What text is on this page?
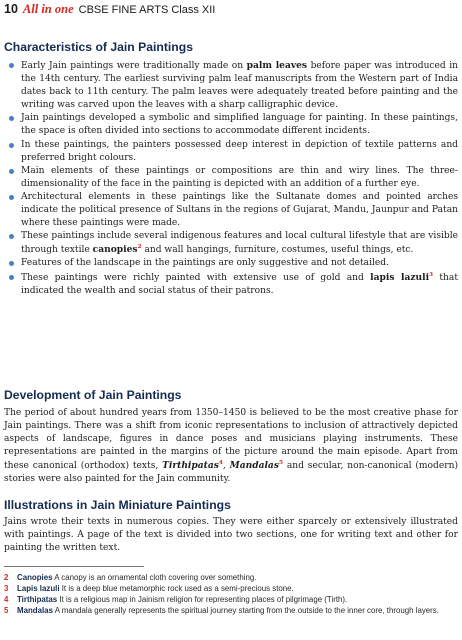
10 All in one CBSE FINE ARTS Class XII
Characteristics of Jain Paintings
Early Jain paintings were traditionally made on palm leaves before paper was introduced in the 14th century. The earliest surviving palm leaf manuscripts from the Western part of India dates back to 11th century. The palm leaves were adequately treated before painting and the writing was carved upon the leaves with a sharp calligraphic device.
Jain paintings developed a symbolic and simplified language for painting. In these paintings, the space is often divided into sections to accommodate different incidents.
In these paintings, the painters possessed deep interest in depiction of textile patterns and preferred bright colours.
Main elements of these paintings or compositions are thin and wiry lines. The three-dimensionality of the face in the painting is depicted with an addition of a further eye.
Architectural elements in these paintings like the Sultanate domes and pointed arches indicate the political presence of Sultans in the regions of Gujarat, Mandu, Jaunpur and Patan where these paintings were made.
These paintings include several indigenous features and local cultural lifestyle that are visible through textile canopies$^2$ and wall hangings, furniture, costumes, useful things, etc.
Features of the landscape in the paintings are only suggestive and not detailed.
These paintings were richly painted with extensive use of gold and lapis lazuli$^3$ that indicated the wealth and social status of their patrons.
Development of Jain Paintings

The period of about hundred years from 1350–1450 is believed to be the most creative phase for Jain paintings. There was a shift from iconic representations to inclusion of attractively depicted aspects of landscape, figures in dance poses and musicians playing instruments. These representations are painted in the margins of the picture around the main episode. Apart from these canonical (orthodox) texts, Tirthipatas$^4$, Mandalas$^5$ and secular, non-canonical (modern) stories were also painted for the Jain community.

Illustrations in Jain Miniature Paintings

Jains wrote their texts in numerous copies. They were either sparcely or extensively illustrated with paintings. A page of the text is divided into two sections, one for writing text and other for painting the written text.

2 Canopies A canopy is an ornamental cloth covering over something.
3 Lapis lazuli It is a deep blue metamorphic rock used as a semi-precious stone.
4 Tirthipatas It is a religious map in Jainism religion for representing places of pilgrimage (Tirth).
5 Mandalas A mandala generally represents the spiritual journey starting from the outside to the inner core, through layers.
